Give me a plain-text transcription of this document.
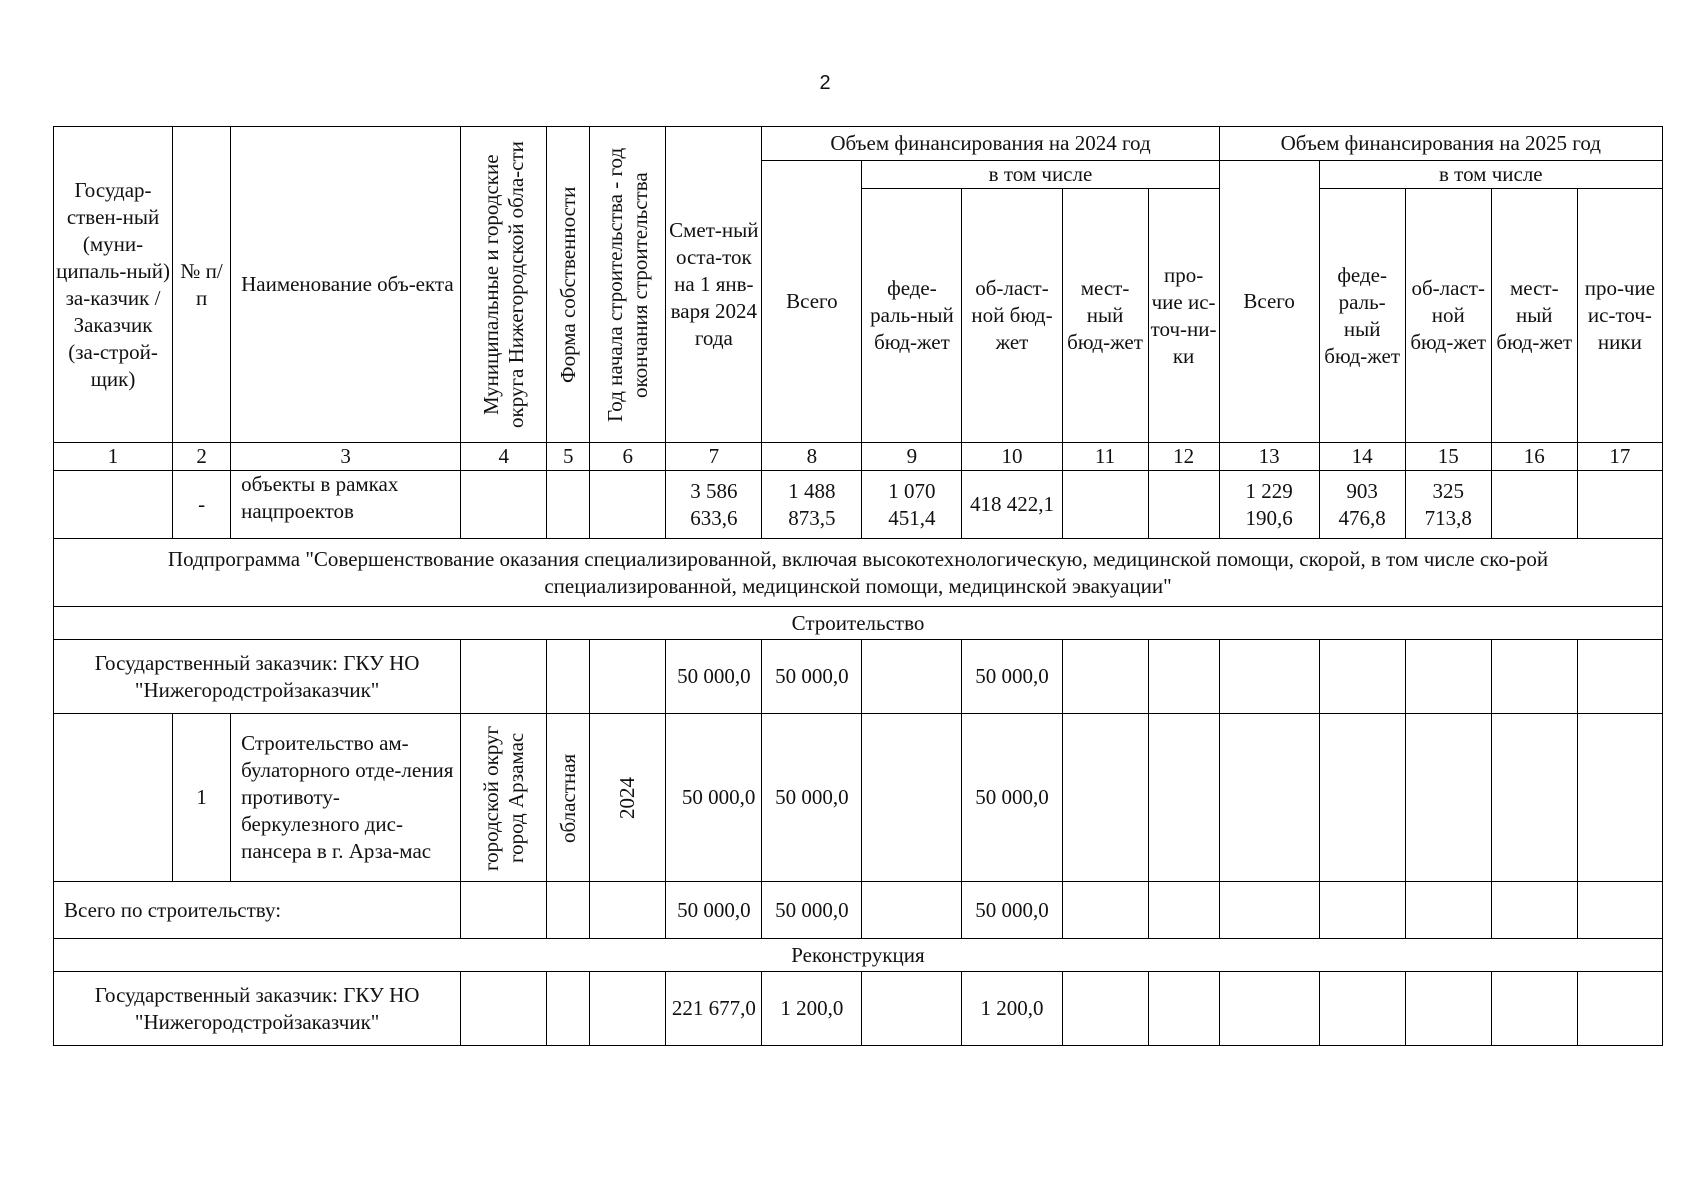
2
Государ-ствен-ный (муни-ципаль-ный) за-казчик / Заказчик (за-строй-щик)	№ п/п	Наименование объ-екта	Муниципальные и городские округа Нижегородской обла-сти	Форма собственности	Год начала строительства - год окончания строительства	Смет-ный оста-ток на 1 янв-варя 2024 года	Объем финансирования на 2024 год					Объем финансирования на 2025 год				
							Всего	в том числе				Всего	в том числе			
								феде-раль-ный бюд-жет	об-ласт-ной бюд-жет	мест-ный бюд-жет	про-чие ис-точ-ни-ки		феде-раль-ный бюд-жет	об-ласт-ной бюд-жет	мест-ный бюд-жет	про-чие ис-точ-ники
1	2	3	4	5	6	7	8	9	10	11	12	13	14	15	16	17
	-	объекты в рамках нацпроектов				3 586 633,6	1 488 873,5	1 070 451,4	418 422,1			1 229 190,6	903 476,8	325 713,8		
Подпрограмма "Совершенствование оказания специализированной, включая высокотехнологическую, медицинской помощи, скорой, в том числе ско-рой специализированной, медицинской помощи, медицинской эвакуации"																
Строительство																
Государственный заказчик: ГКУ НО "Нижегородстройзаказчик"						50 000,0	50 000,0		50 000,0							
	1	Строительство ам-булаторного отде-ления противоту-беркулезного дис-пансера в г. Арза-мас	городской округ город Арзамас	областная	2024	50 000,0	50 000,0		50 000,0							
Всего по строительству:						50 000,0	50 000,0		50 000,0							
Реконструкция																
Государственный заказчик: ГКУ НО "Нижегородстройзаказчик"						221 677,0	1 200,0		1 200,0							
